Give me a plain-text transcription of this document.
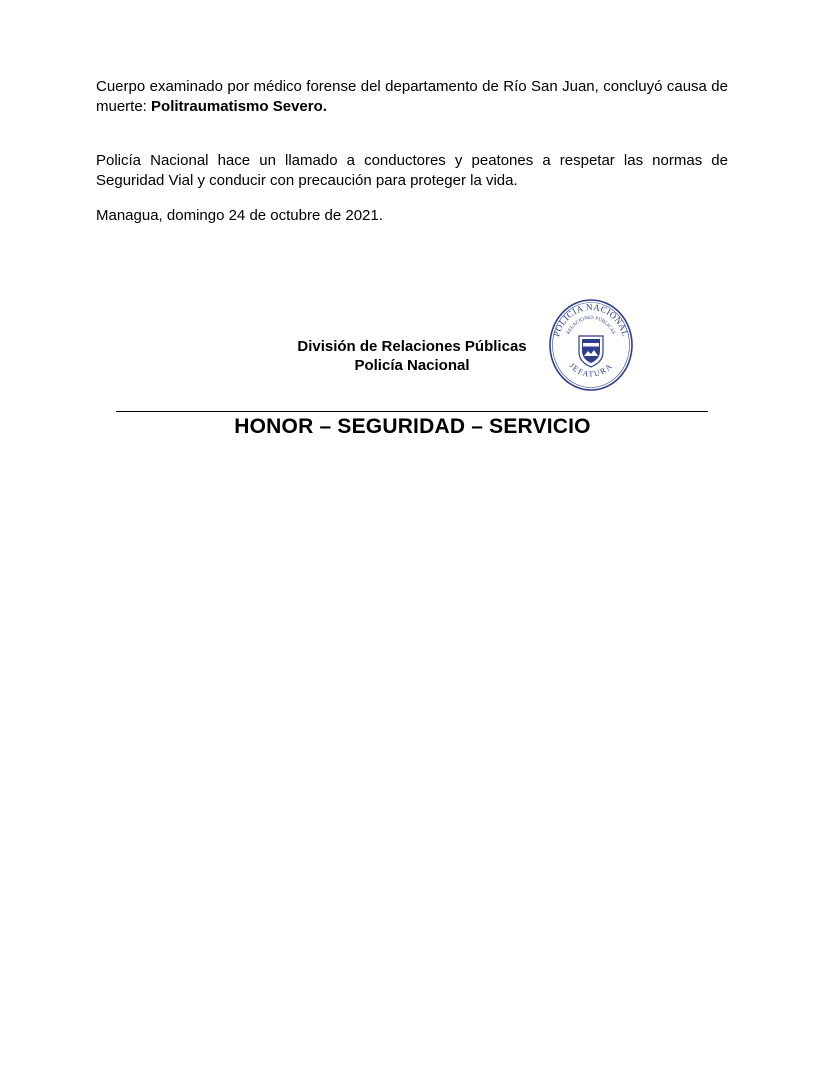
Cuerpo examinado por médico forense del departamento de Río San Juan, concluyó causa de muerte: Politraumatismo Severo.

Policía Nacional hace un llamado a conductores y peatones a respetar las normas de Seguridad Vial y conducir con precaución para proteger la vida.

Managua, domingo 24 de octubre de 2021.

División de Relaciones Públicas
Policía Nacional
POLICÍA NACIONAL
RELACIONES PÚBLICAS
JEFATURA
HONOR – SEGURIDAD – SERVICIO
